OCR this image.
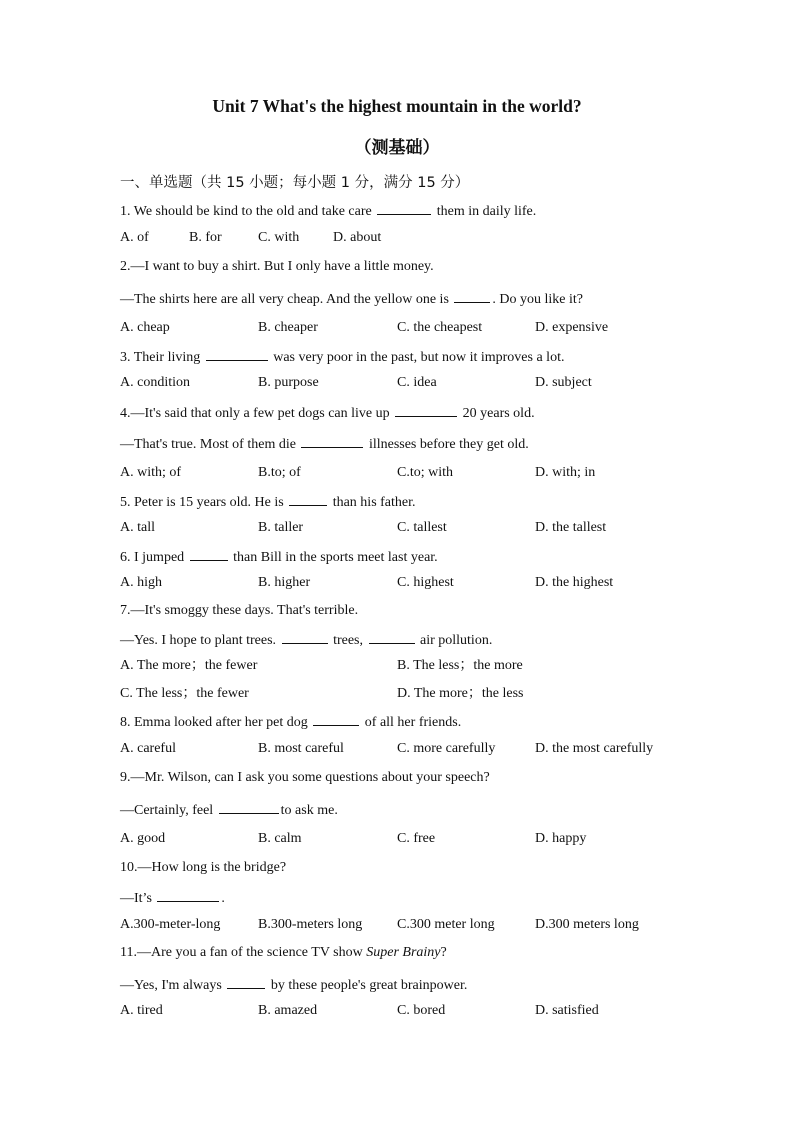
Unit 7 What's the highest mountain in the world?
（测基础）
一、单选题（共 15 小题；每小题 1 分，满分 15 分）
1. We should be kind to the old and take care	them in daily life.
A. of	B. for	C. with D. about
2.—I want to buy a shirt. But I only have a little money.
—The shirts here are all very cheap. And the yellow one is	. Do you like it?
A. cheap	B. cheaper	C. the cheapest	D. expensive
3. Their living	was very poor in the past, but now it improves a lot.
A. condition	B. purpose	C. idea	D. subject
4.—It's said that only a few pet dogs can live up	20 years old.
—That's true. Most of them die	illnesses before they get old.
A. with; of	B.to; of	C.to; with	D. with; in
5. Peter is 15 years old. He is	than his father.
A. tall	B. taller	C. tallest	D. the tallest
6. I jumped	than Bill in the sports meet last year.
A. high	B. higher	C. highest	D. the highest
7.—It's smoggy these days. That's terrible.
—Yes. I hope to plant trees.	trees,	air pollution.
A. The more；the fewer	B. The less；the more
C. The less；the fewer	D. The more；the less
8. Emma looked after her pet dog	of all her friends.
A. careful	B. most careful	C. more carefully	D. the most carefully
9.—Mr. Wilson, can I ask you some questions about your speech?
—Certainly, feel	to ask me.
A. good	B. calm	C. free	D. happy
10.—How long is the bridge?
—It’s	.
A.300-meter-long	B.300-meters long C.300 meter long	D.300 meters long
11.—Are you a fan of the science TV show Super Brainy?
—Yes, I'm always	by these people's great brainpower.
A. tired	B. amazed	C. bored	D. satisfied
